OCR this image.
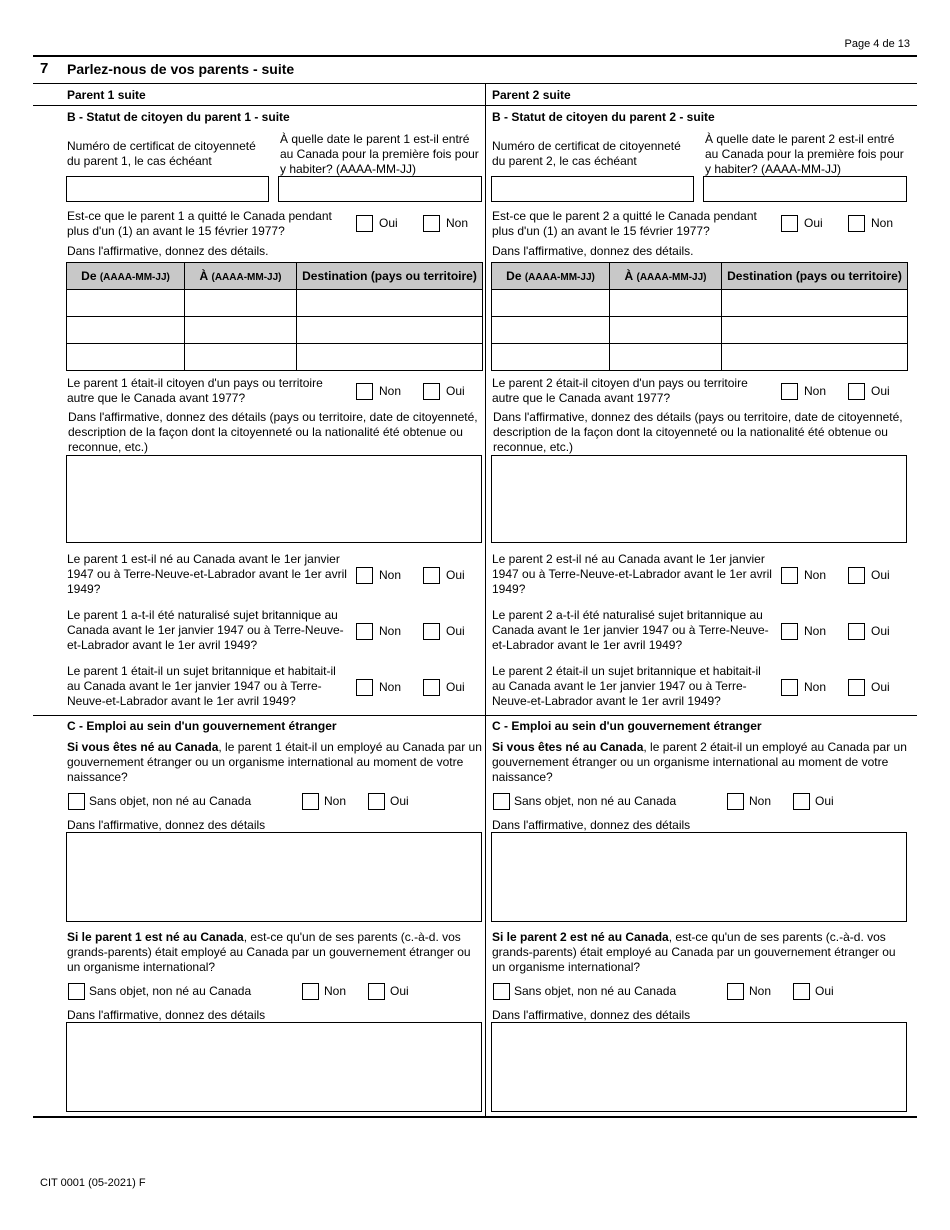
Page 4 de 13
7 Parlez-nous de vos parents - suite
Parent 1 suite
B - Statut de citoyen du parent 1 - suite
Numéro de certificat de citoyenneté du parent 1, le cas échéant
À quelle date le parent 1 est-il entré au Canada pour la première fois pour y habiter? (AAAA-MM-JJ)
Est-ce que le parent 1 a quitté le Canada pendant plus d'un (1) an avant le 15 février 1977?
Oui	Non
Dans l'affirmative, donnez des détails.
De (AAAA-MM-JJ)	À (AAAA-MM-JJ)	Destination (pays ou territoire)

Le parent 1 était-il citoyen d'un pays ou territoire autre que le Canada avant 1977?	Non	Oui
Dans l'affirmative, donnez des détails (pays ou territoire, date de citoyenneté, description de la façon dont la citoyenneté ou la nationalité été obtenue ou reconnue, etc.)
Le parent 1 est-il né au Canada avant le 1er janvier 1947 ou à Terre-Neuve-et-Labrador avant le 1er avril 1949?
Non	Oui
Le parent 1 a-t-il été naturalisé sujet britannique au Canada avant le 1er janvier 1947 ou à Terre-Neuve-et-Labrador avant le 1er avril 1949?
Non	Oui
Le parent 1 était-il un sujet britannique et habitait-il au Canada avant le 1er janvier 1947 ou à Terre-Neuve-et-Labrador avant le 1er avril 1949?
Non	Oui
C - Emploi au sein d'un gouvernement étranger
Si vous êtes né au Canada, le parent 1 était-il un employé au Canada par un gouvernement étranger ou un organisme international au moment de votre naissance?
Sans objet, non né au Canada	Non	Oui
Dans l'affirmative, donnez des détails
Si le parent 1 est né au Canada, est-ce qu'un de ses parents (c.-à-d. vos grands-parents) était employé au Canada par un gouvernement étranger ou un organisme international?
Sans objet, non né au Canada	Non	Oui
Dans l'affirmative, donnez des détails
Parent 2 suite
B - Statut de citoyen du parent 2 - suite
Numéro de certificat de citoyenneté du parent 2, le cas échéant
À quelle date le parent 2 est-il entré au Canada pour la première fois pour y habiter? (AAAA-MM-JJ)
Est-ce que le parent 2 a quitté le Canada pendant plus d'un (1) an avant le 15 février 1977?
Oui	Non
Dans l'affirmative, donnez des détails.
De (AAAA-MM-JJ)	À (AAAA-MM-JJ)	Destination (pays ou territoire)

Le parent 2 était-il citoyen d'un pays ou territoire autre que le Canada avant 1977?	Non	Oui
Dans l'affirmative, donnez des détails (pays ou territoire, date de citoyenneté, description de la façon dont la citoyenneté ou la nationalité été obtenue ou reconnue, etc.)
Le parent 2 est-il né au Canada avant le 1er janvier 1947 ou à Terre-Neuve-et-Labrador avant le 1er avril 1949?
Non	Oui
Le parent 2 a-t-il été naturalisé sujet britannique au Canada avant le 1er janvier 1947 ou à Terre-Neuve-et-Labrador avant le 1er avril 1949?
Non	Oui
Le parent 2 était-il un sujet britannique et habitait-il au Canada avant le 1er janvier 1947 ou à Terre-Neuve-et-Labrador avant le 1er avril 1949?
Non	Oui
C - Emploi au sein d'un gouvernement étranger
Si vous êtes né au Canada, le parent 2 était-il un employé au Canada par un gouvernement étranger ou un organisme international au moment de votre naissance?
Sans objet, non né au Canada	Non	Oui
Dans l'affirmative, donnez des détails
Si le parent 2 est né au Canada, est-ce qu'un de ses parents (c.-à-d. vos grands-parents) était employé au Canada par un gouvernement étranger ou un organisme international?
Sans objet, non né au Canada	Non	Oui
Dans l'affirmative, donnez des détails
CIT 0001 (05-2021) F
